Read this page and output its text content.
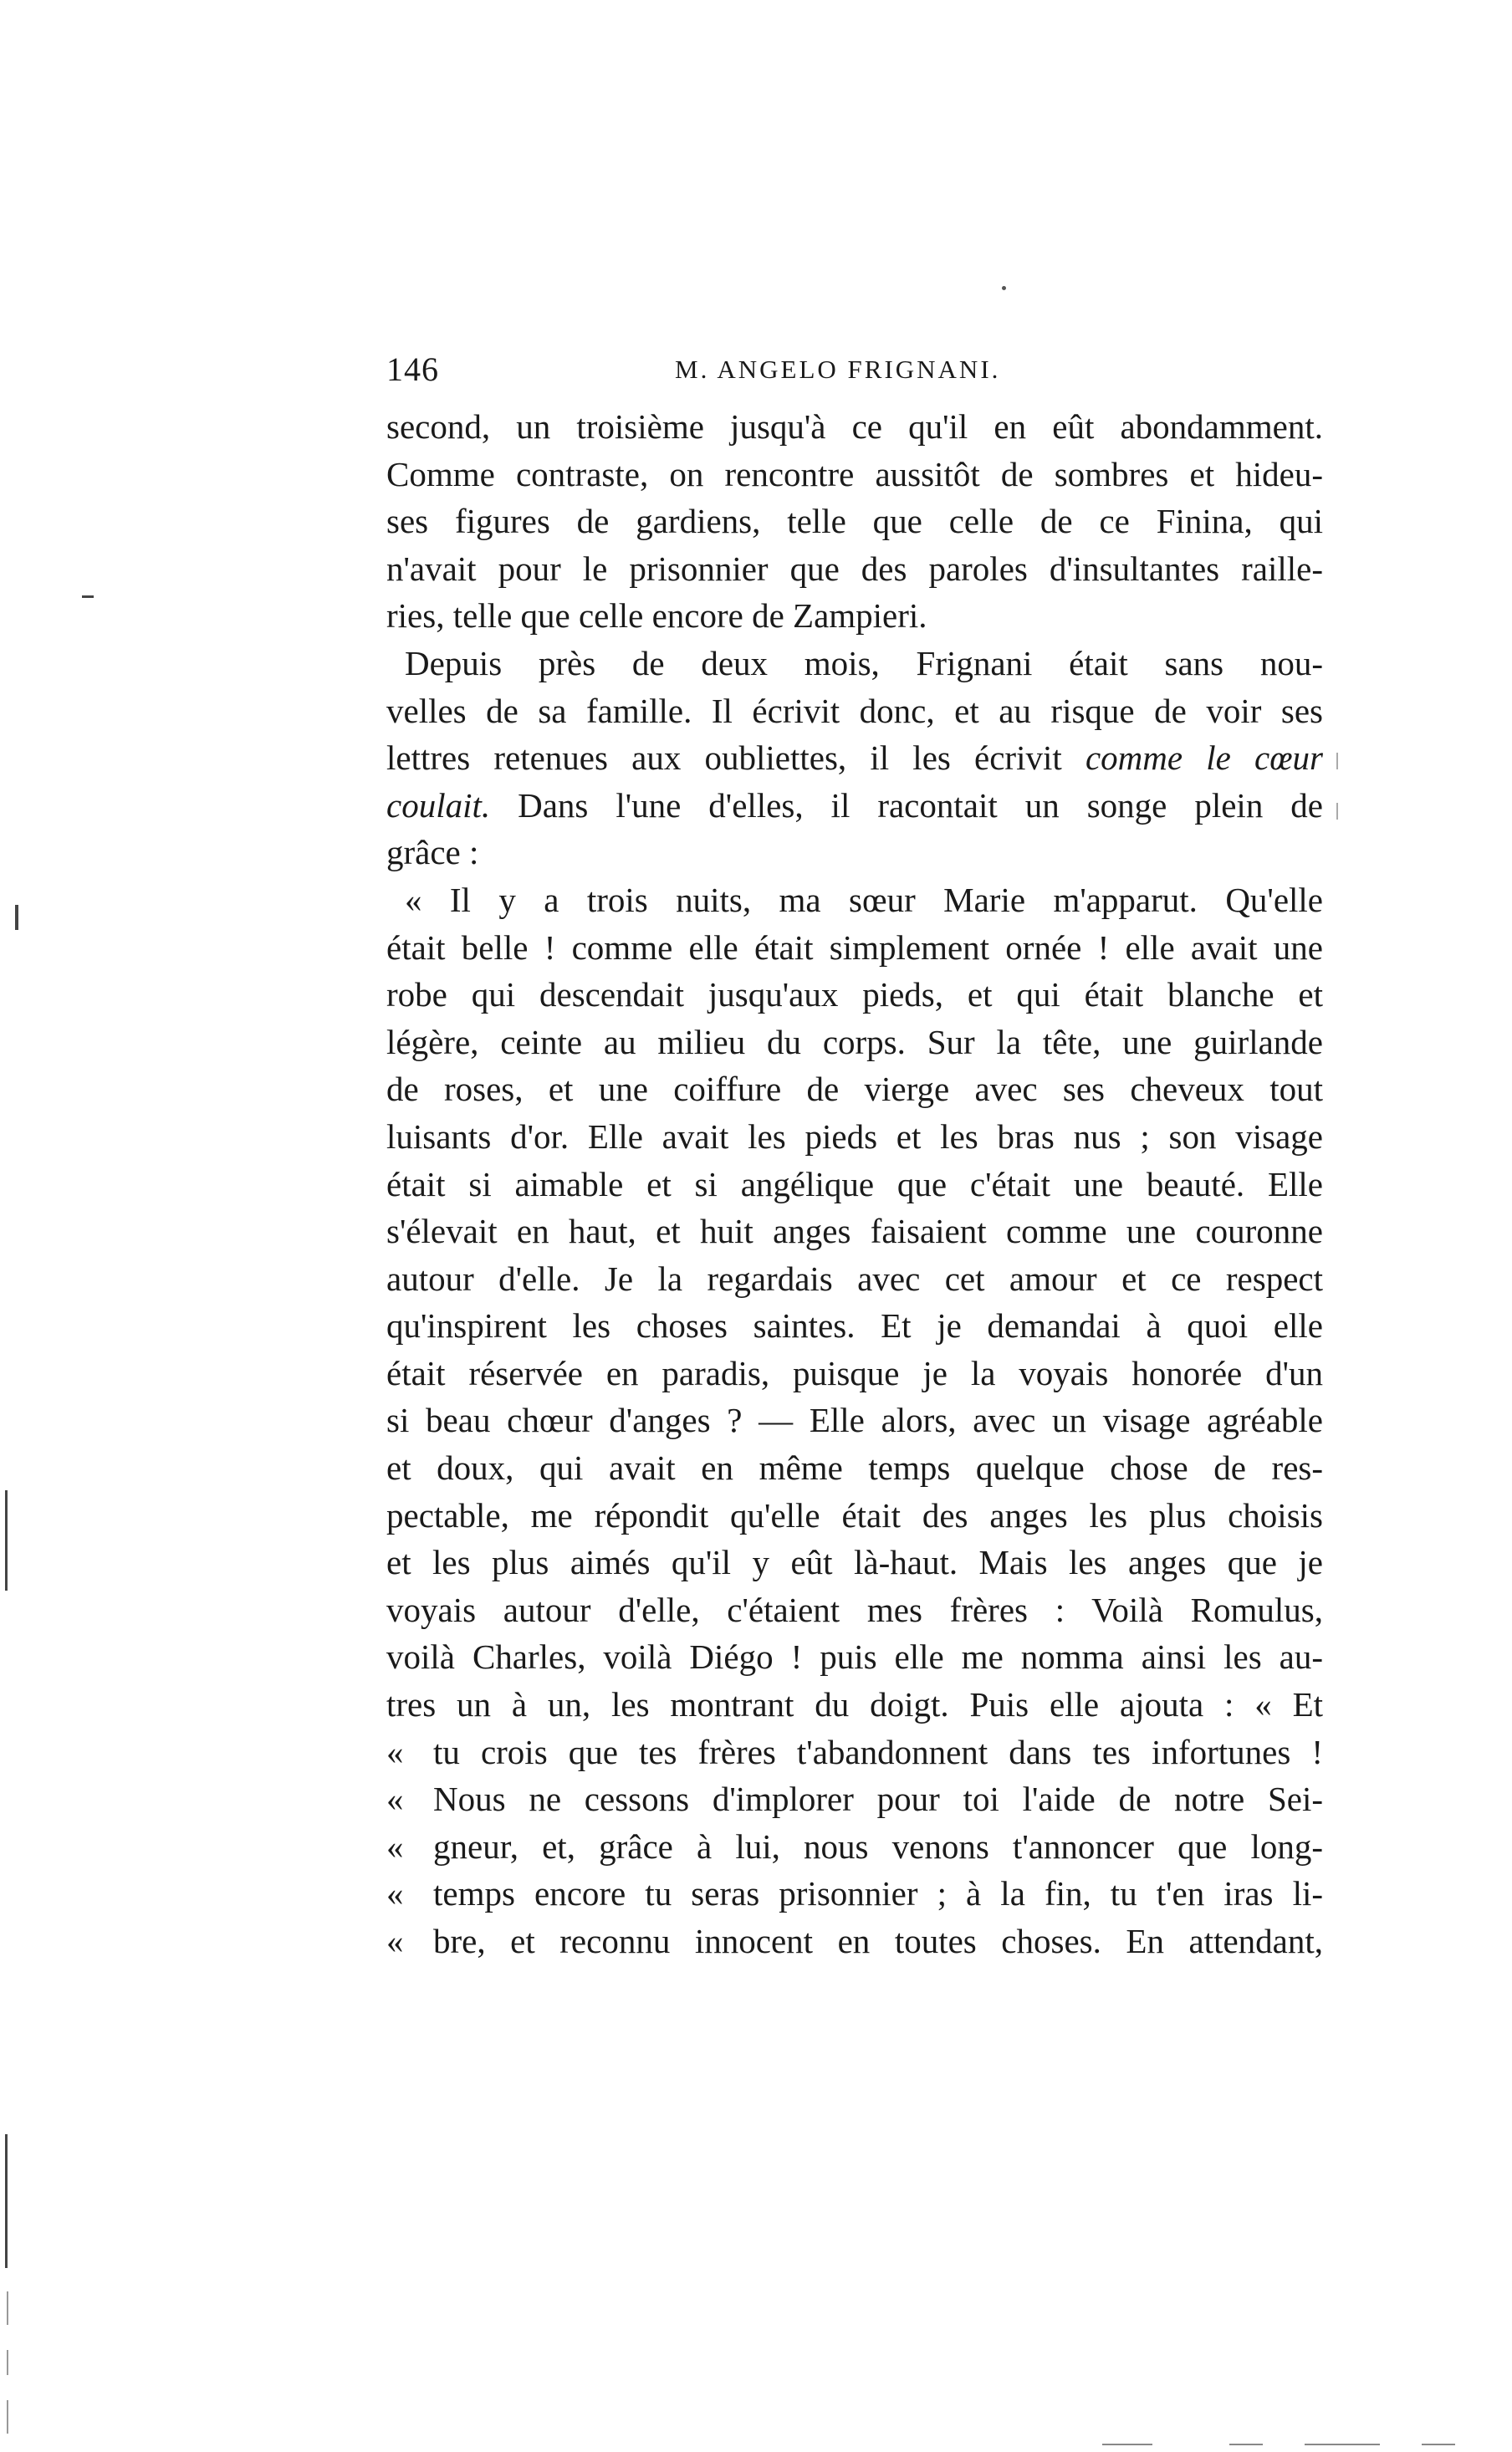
146	M. ANGELO FRIGNANI.
second, un troisième jusqu'à ce qu'il en eût abondamment.
Comme contraste, on rencontre aussitôt de sombres et hideu-
ses figures de gardiens, telle que celle de ce Finina, qui
n'avait pour le prisonnier que des paroles d'insultantes raille-
ries, telle que celle encore de Zampieri.
Depuis près de deux mois, Frignani était sans nou-
velles de sa famille. Il écrivit donc, et au risque de voir ses
lettres retenues aux oubliettes, il les écrivit comme le cœur
coulait. Dans l'une d'elles, il racontait un songe plein de
grâce :
« Il y a trois nuits, ma sœur Marie m'apparut. Qu'elle
était belle ! comme elle était simplement ornée ! elle avait une
robe qui descendait jusqu'aux pieds, et qui était blanche et
légère, ceinte au milieu du corps. Sur la tête, une guirlande
de roses, et une coiffure de vierge avec ses cheveux tout
luisants d'or. Elle avait les pieds et les bras nus ; son visage
était si aimable et si angélique que c'était une beauté. Elle
s'élevait en haut, et huit anges faisaient comme une couronne
autour d'elle. Je la regardais avec cet amour et ce respect
qu'inspirent les choses saintes. Et je demandai à quoi elle
était réservée en paradis, puisque je la voyais honorée d'un
si beau chœur d'anges ? — Elle alors, avec un visage agréable
et doux, qui avait en même temps quelque chose de res-
pectable, me répondit qu'elle était des anges les plus choisis
et les plus aimés qu'il y eût là-haut. Mais les anges que je
voyais autour d'elle, c'étaient mes frères : Voilà Romulus,
voilà Charles, voilà Diégo ! puis elle me nomma ainsi les au-
tres un à un, les montrant du doigt. Puis elle ajouta : « Et
« tu crois que tes frères t'abandonnent dans tes infortunes !
« Nous ne cessons d'implorer pour toi l'aide de notre Sei-
« gneur, et, grâce à lui, nous venons t'annoncer que long-
« temps encore tu seras prisonnier ; à la fin, tu t'en iras li-
« bre, et reconnu innocent en toutes choses. En attendant,
